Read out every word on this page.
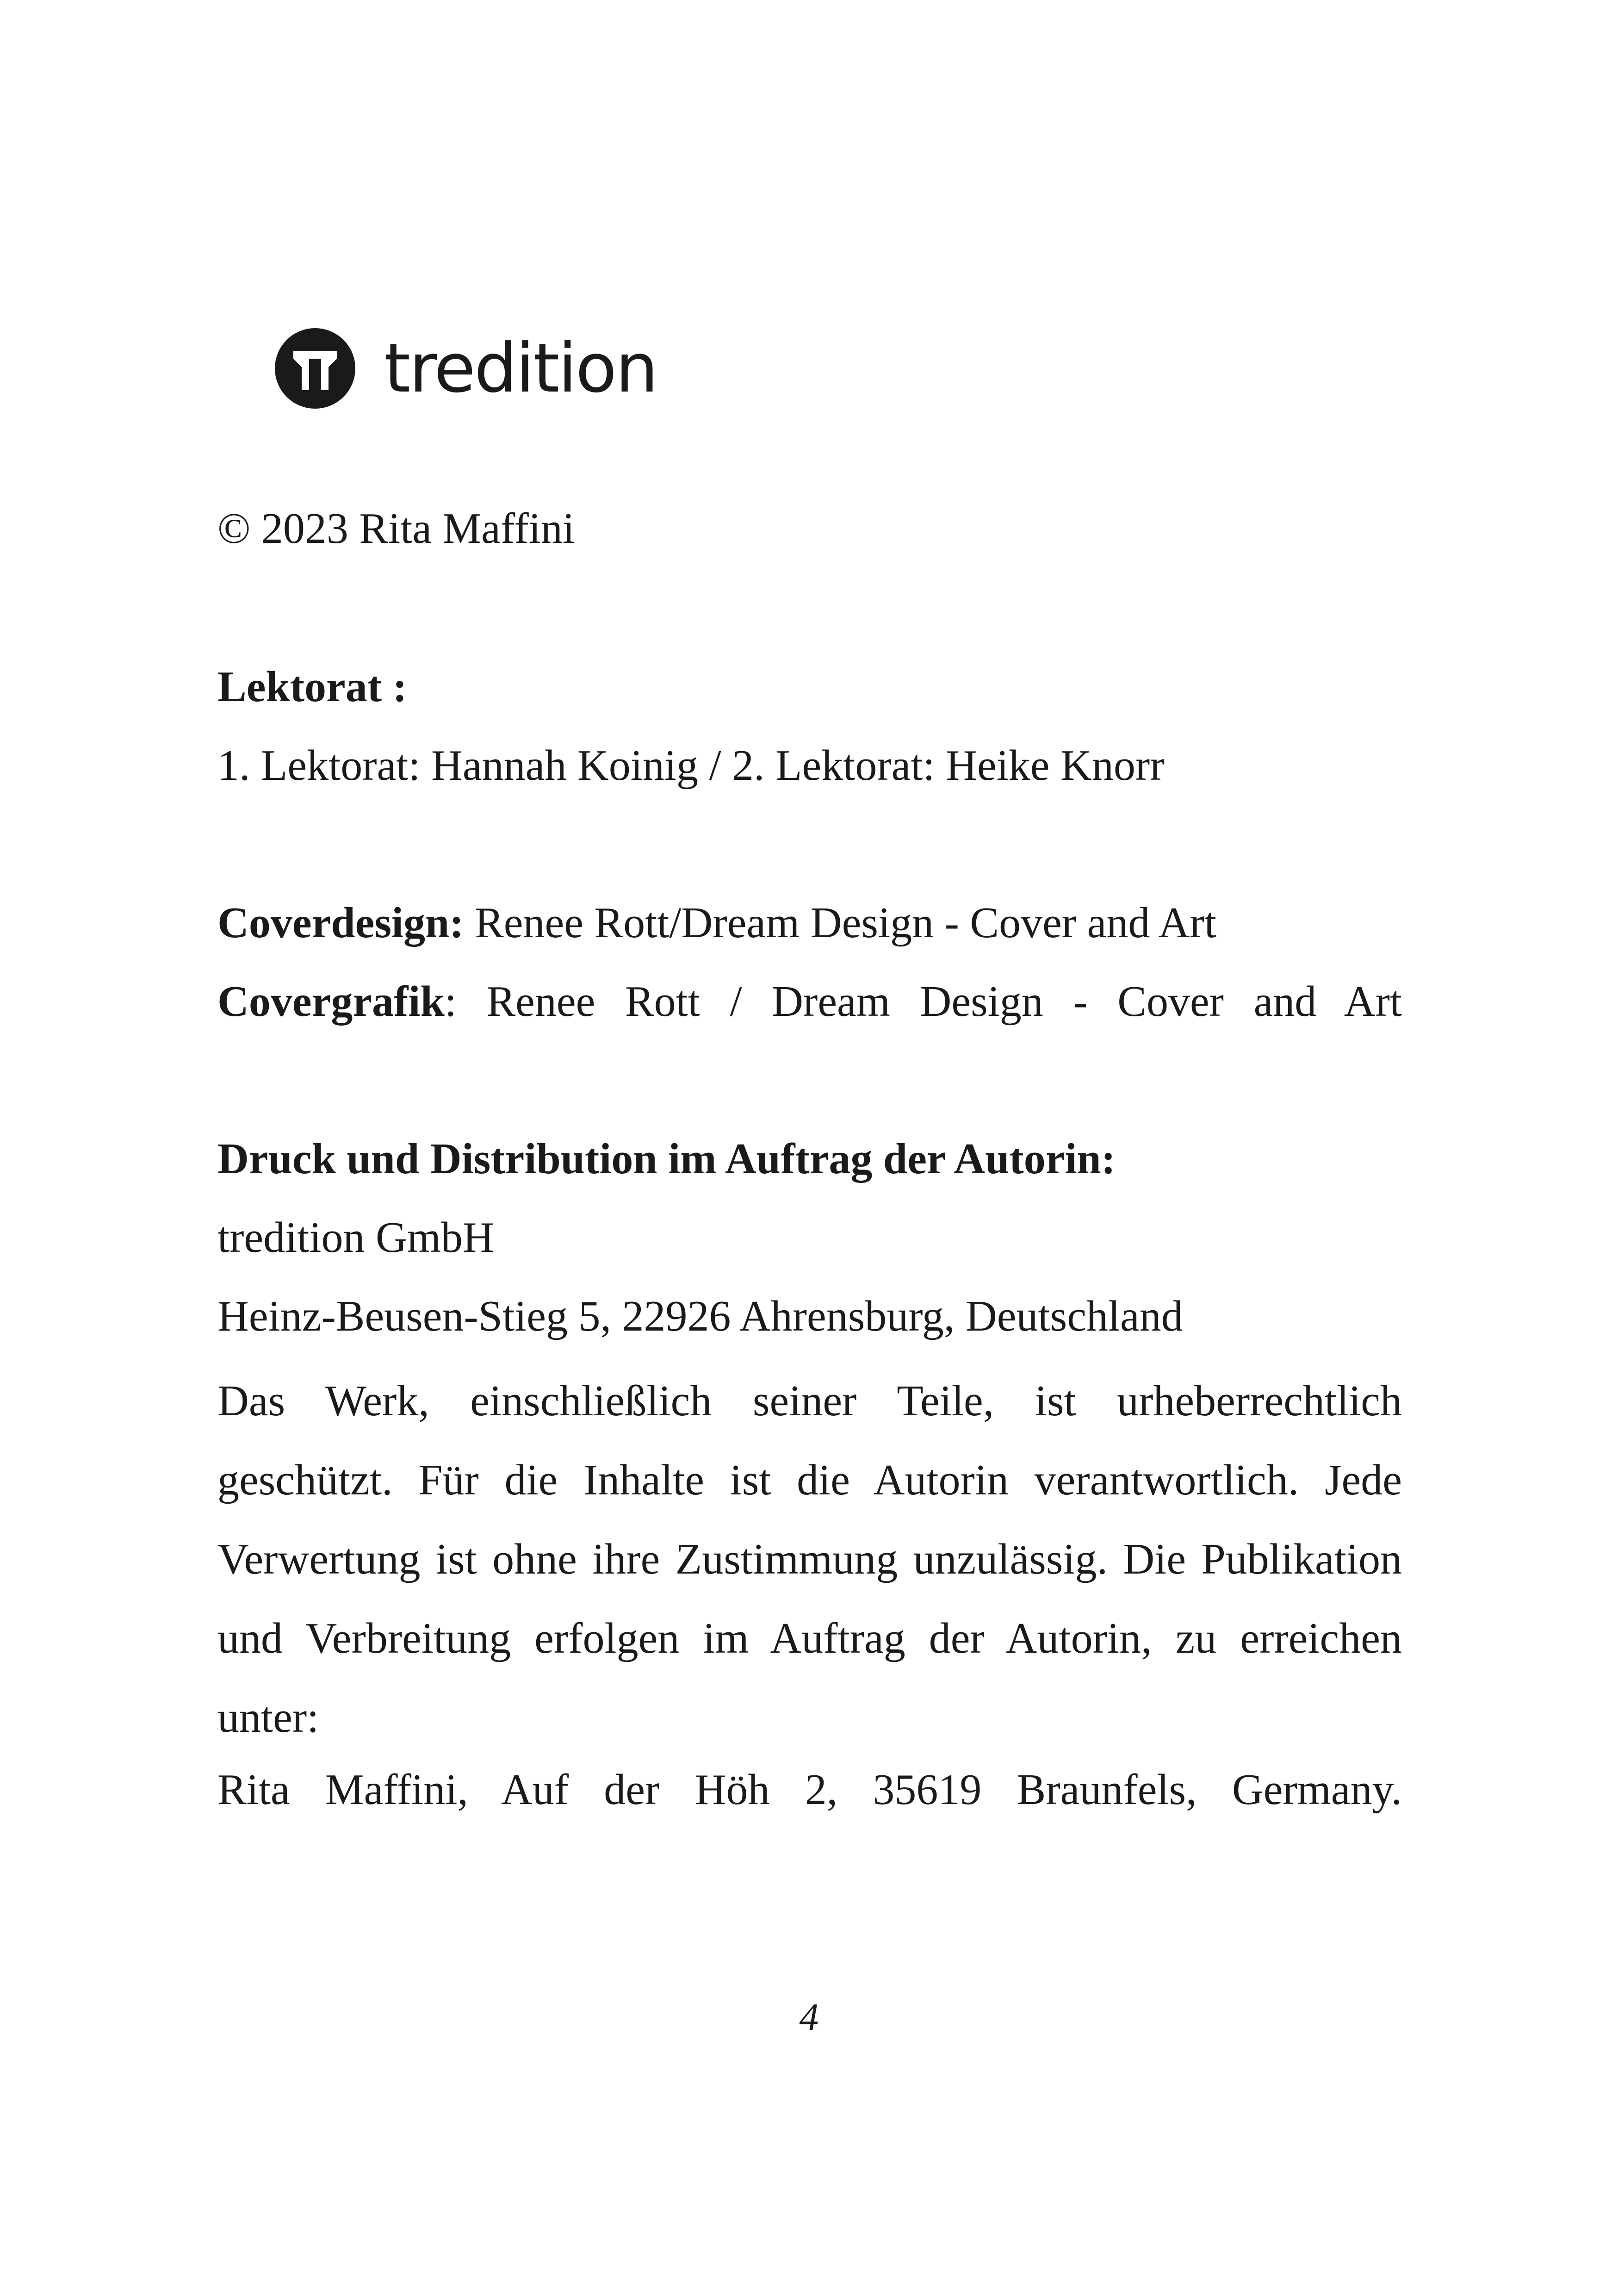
tredition
© 2023 Rita Maffini
Lektorat :
1. Lektorat: Hannah Koinig / 2. Lektorat: Heike Knorr
Coverdesign: Renee Rott/Dream Design - Cover and Art
Covergrafik: Renee Rott / Dream Design - Cover and Art
Druck und Distribution im Auftrag der Autorin:
tredition GmbH
Heinz-Beusen-Stieg 5, 22926 Ahrensburg, Deutschland
Das Werk, einschließlich seiner Teile, ist urheberrechtlich geschützt. Für die Inhalte ist die Autorin verantwortlich. Jede Verwertung ist ohne ihre Zustimmung unzulässig. Die Publikation und Verbreitung erfolgen im Auftrag der Autorin, zu erreichen unter:
Rita Maffini, Auf der Höh 2, 35619 Braunfels, Germany.
4
